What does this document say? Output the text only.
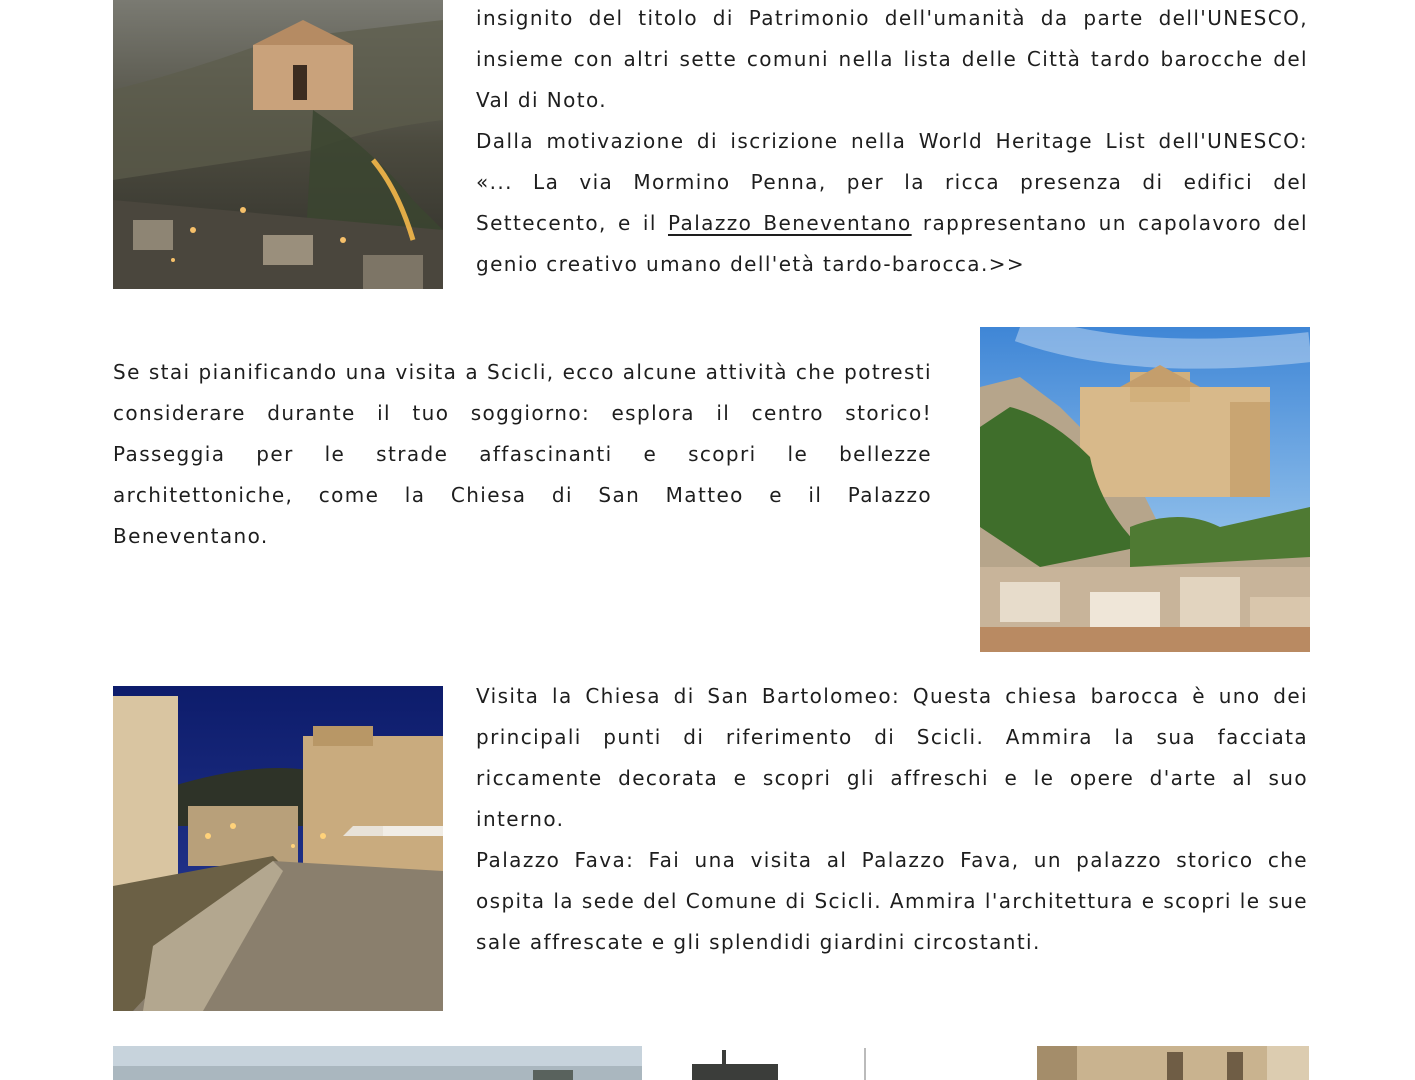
insignito del titolo di Patrimonio dell'umanità da parte dell'UNESCO, insieme con altri sette comuni nella lista delle Città tardo barocche del Val di Noto.

Dalla motivazione di iscrizione nella World Heritage List dell'UNESCO: «... La via Mormino Penna, per la ricca presenza di edifici del Settecento, e il Palazzo Beneventano rappresentano un capolavoro del genio creativo umano dell'età tardo-barocca.>>

Se stai pianificando una visita a Scicli, ecco alcune attività che potresti considerare durante il tuo soggiorno: esplora il centro storico! Passeggia per le strade affascinanti e scopri le bellezze architettoniche, come la Chiesa di San Matteo e il Palazzo Beneventano.

Visita la Chiesa di San Bartolomeo: Questa chiesa barocca è uno dei principali punti di riferimento di Scicli. Ammira la sua facciata riccamente decorata e scopri gli affreschi e le opere d'arte al suo interno.

Palazzo Fava: Fai una visita al Palazzo Fava, un palazzo storico che ospita la sede del Comune di Scicli. Ammira l'architettura e scopri le sue sale affrescate e gli splendidi giardini circostanti.
